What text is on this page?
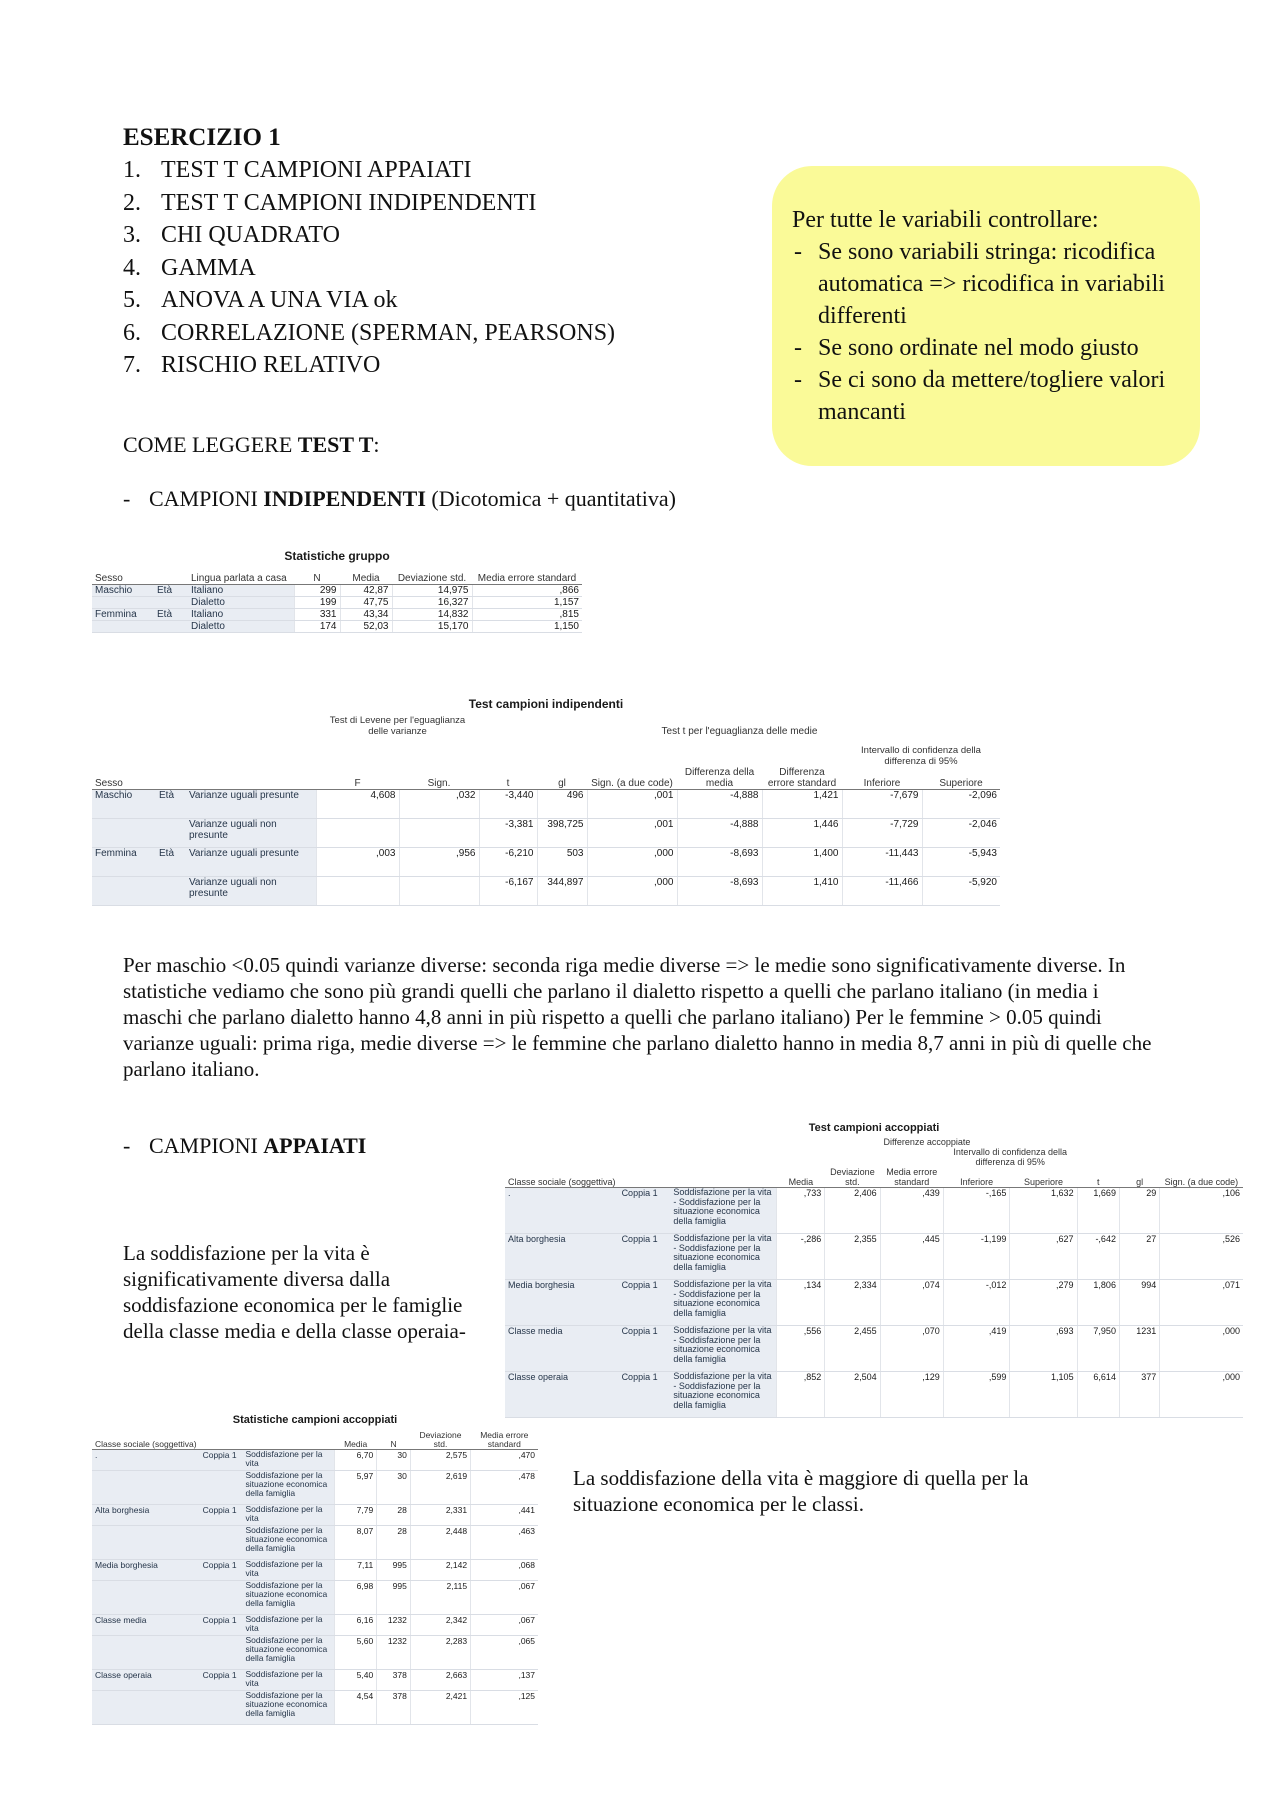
ESERCIZIO 1
1. TEST T CAMPIONI APPAIATI
2. TEST T CAMPIONI INDIPENDENTI
3. CHI QUADRATO
4. GAMMA
5. ANOVA A UNA VIA ok
6. CORRELAZIONE (SPERMAN, PEARSONS)
7. RISCHIO RELATIVO
Per tutte le variabili controllare:
- Se sono variabili stringa: ricodifica automatica => ricodifica in variabili differenti
- Se sono ordinate nel modo giusto
- Se ci sono da mettere/togliere valori mancanti
COME LEGGERE TEST T:
- CAMPIONI INDIPENDENTI (Dicotomica + quantitativa)
Statistiche gruppo
Sesso		Lingua parlata a casa	N	Media	Deviazione std.	Media errore standard
Maschio	Età	Italiano	299	42,87	14,975	,866
		Dialetto	199	47,75	16,327	1,157
Femmina	Età	Italiano	331	43,34	14,832	,815
		Dialetto	174	52,03	15,170	1,150
Test campioni indipendenti
			Test di Levene per l'eguaglianza delle varianze		Test t per l'eguaglianza delle medie						
										Intervallo di confidenza della differenza di 95%	
Sesso			F	Sign.	t	gl	Sign. (a due code)	Differenza della media	Differenza errore standard	Inferiore	Superiore
Maschio	Età	Varianze uguali presunte	4,608	,032	-3,440	496	,001	-4,888	1,421	-7,679	-2,096
		Varianze uguali non presunte			-3,381	398,725	,001	-4,888	1,446	-7,729	-2,046
Femmina	Età	Varianze uguali presunte	,003	,956	-6,210	503	,000	-8,693	1,400	-11,443	-5,943
		Varianze uguali non presunte			-6,167	344,897	,000	-8,693	1,410	-11,466	-5,920
Per maschio <0.05 quindi varianze diverse: seconda riga medie diverse => le medie sono significativamente diverse. In statistiche vediamo che sono più grandi quelli che parlano il dialetto rispetto a quelli che parlano italiano (in media i maschi che parlano dialetto hanno 4,8 anni in più rispetto a quelli che parlano italiano) Per le femmine > 0.05 quindi varianze uguali: prima riga, medie diverse => le femmine che parlano dialetto hanno in media 8,7 anni in più di quelle che parlano italiano.
- CAMPIONI APPAIATI
Test campioni accoppiati
			Differenze accoppiate							
						Intervallo di confidenza della differenza di 95%				
Classe sociale (soggettiva)			Media	Deviazione std.	Media errore standard	Inferiore	Superiore	t	gl	Sign. (a due code)
.	Coppia 1	Soddisfazione per la vita - Soddisfazione per la situazione economica della famiglia	,733	2,406	,439	-,165	1,632	1,669	29	,106
Alta borghesia	Coppia 1	Soddisfazione per la vita - Soddisfazione per la situazione economica della famiglia	-,286	2,355	,445	-1,199	,627	-,642	27	,526
Media borghesia	Coppia 1	Soddisfazione per la vita - Soddisfazione per la situazione economica della famiglia	,134	2,334	,074	-,012	,279	1,806	994	,071
Classe media	Coppia 1	Soddisfazione per la vita - Soddisfazione per la situazione economica della famiglia	,556	2,455	,070	,419	,693	7,950	1231	,000
Classe operaia	Coppia 1	Soddisfazione per la vita - Soddisfazione per la situazione economica della famiglia	,852	2,504	,129	,599	1,105	6,614	377	,000
La soddisfazione per la vita è significativamente diversa dalla soddisfazione economica per le famiglie della classe media e della classe operaia-
Statistiche campioni accoppiati
Classe sociale (soggettiva)			Media	N	Deviazione std.	Media errore standard
.	Coppia 1	Soddisfazione per la vita	6,70	30	2,575	,470
		Soddisfazione per la situazione economica della famiglia	5,97	30	2,619	,478
Alta borghesia	Coppia 1	Soddisfazione per la vita	7,79	28	2,331	,441
		Soddisfazione per la situazione economica della famiglia	8,07	28	2,448	,463
Media borghesia	Coppia 1	Soddisfazione per la vita	7,11	995	2,142	,068
		Soddisfazione per la situazione economica della famiglia	6,98	995	2,115	,067
Classe media	Coppia 1	Soddisfazione per la vita	6,16	1232	2,342	,067
		Soddisfazione per la situazione economica della famiglia	5,60	1232	2,283	,065
Classe operaia	Coppia 1	Soddisfazione per la vita	5,40	378	2,663	,137
		Soddisfazione per la situazione economica della famiglia	4,54	378	2,421	,125
La soddisfazione della vita è maggiore di quella per la situazione economica per le classi.
